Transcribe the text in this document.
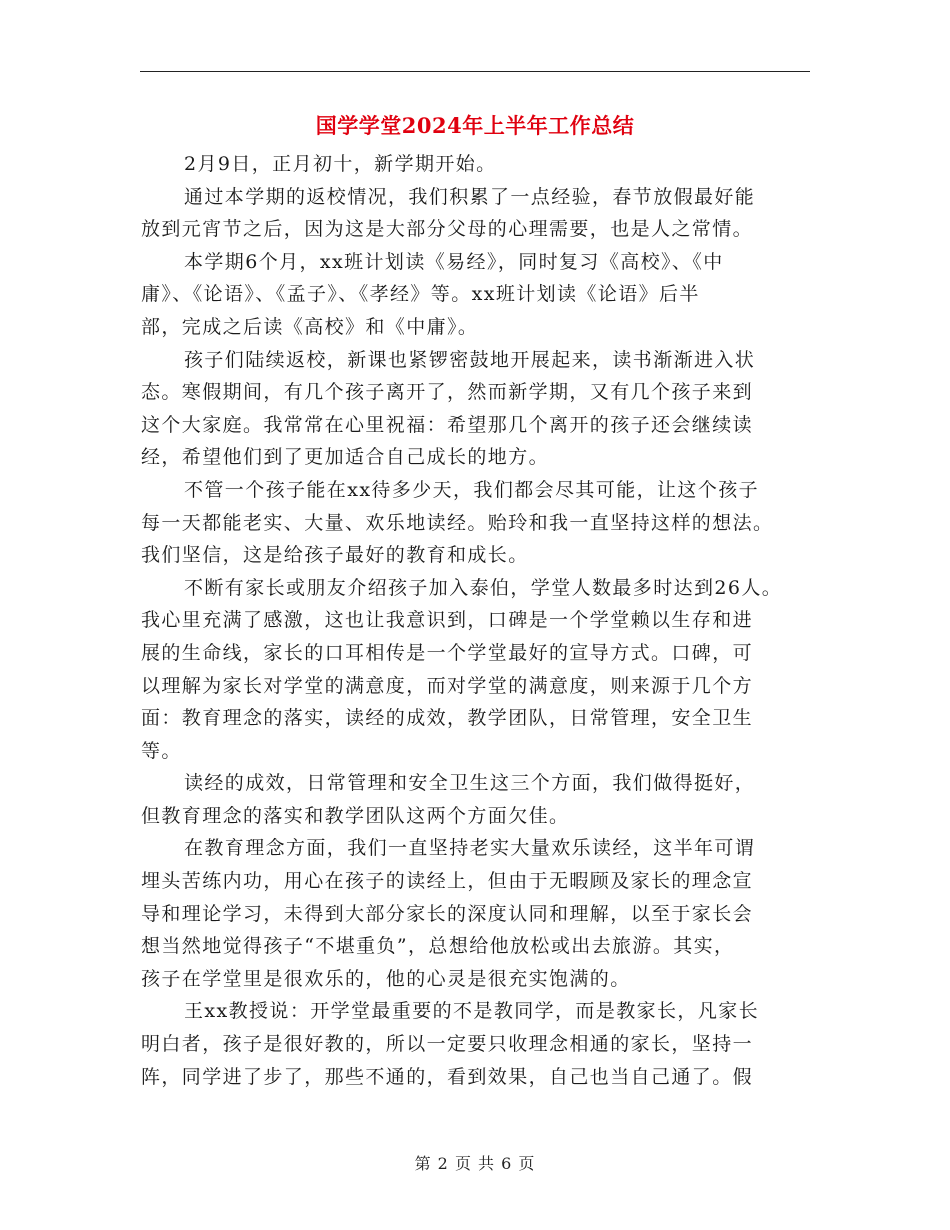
国学学堂2024年上半年工作总结

2月9日，正月初十，新学期开始。

通过本学期的返校情况，我们积累了一点经验，春节放假最好能
放到元宵节之后，因为这是大部分父母的心理需要，也是人之常情。

本学期6个月，xx班计划读《易经》，同时复习《高校》、《中
庸》、《论语》、《孟子》、《孝经》等。xx班计划读《论语》后半
部，完成之后读《高校》和《中庸》。

孩子们陆续返校，新课也紧锣密鼓地开展起来，读书渐渐进入状
态。寒假期间，有几个孩子离开了，然而新学期，又有几个孩子来到
这个大家庭。我常常在心里祝福：希望那几个离开的孩子还会继续读
经，希望他们到了更加适合自己成长的地方。

不管一个孩子能在xx待多少天，我们都会尽其可能，让这个孩子
每一天都能老实、大量、欢乐地读经。贻玲和我一直坚持这样的想法。
我们坚信，这是给孩子最好的教育和成长。

不断有家长或朋友介绍孩子加入泰伯，学堂人数最多时达到26人。
我心里充满了感激，这也让我意识到，口碑是一个学堂赖以生存和进
展的生命线，家长的口耳相传是一个学堂最好的宣导方式。口碑，可
以理解为家长对学堂的满意度，而对学堂的满意度，则来源于几个方
面：教育理念的落实，读经的成效，教学团队，日常管理，安全卫生
等。

读经的成效，日常管理和安全卫生这三个方面，我们做得挺好，
但教育理念的落实和教学团队这两个方面欠佳。

在教育理念方面，我们一直坚持老实大量欢乐读经，这半年可谓
埋头苦练内功，用心在孩子的读经上，但由于无暇顾及家长的理念宣
导和理论学习，未得到大部分家长的深度认同和理解，以至于家长会
想当然地觉得孩子“不堪重负”，总想给他放松或出去旅游。其实，
孩子在学堂里是很欢乐的，他的心灵是很充实饱满的。

王xx教授说：开学堂最重要的不是教同学，而是教家长，凡家长
明白者，孩子是很好教的，所以一定要只收理念相通的家长，坚持一
阵，同学进了步了，那些不通的，看到效果，自己也当自己通了。假

第 2 页 共 6 页
